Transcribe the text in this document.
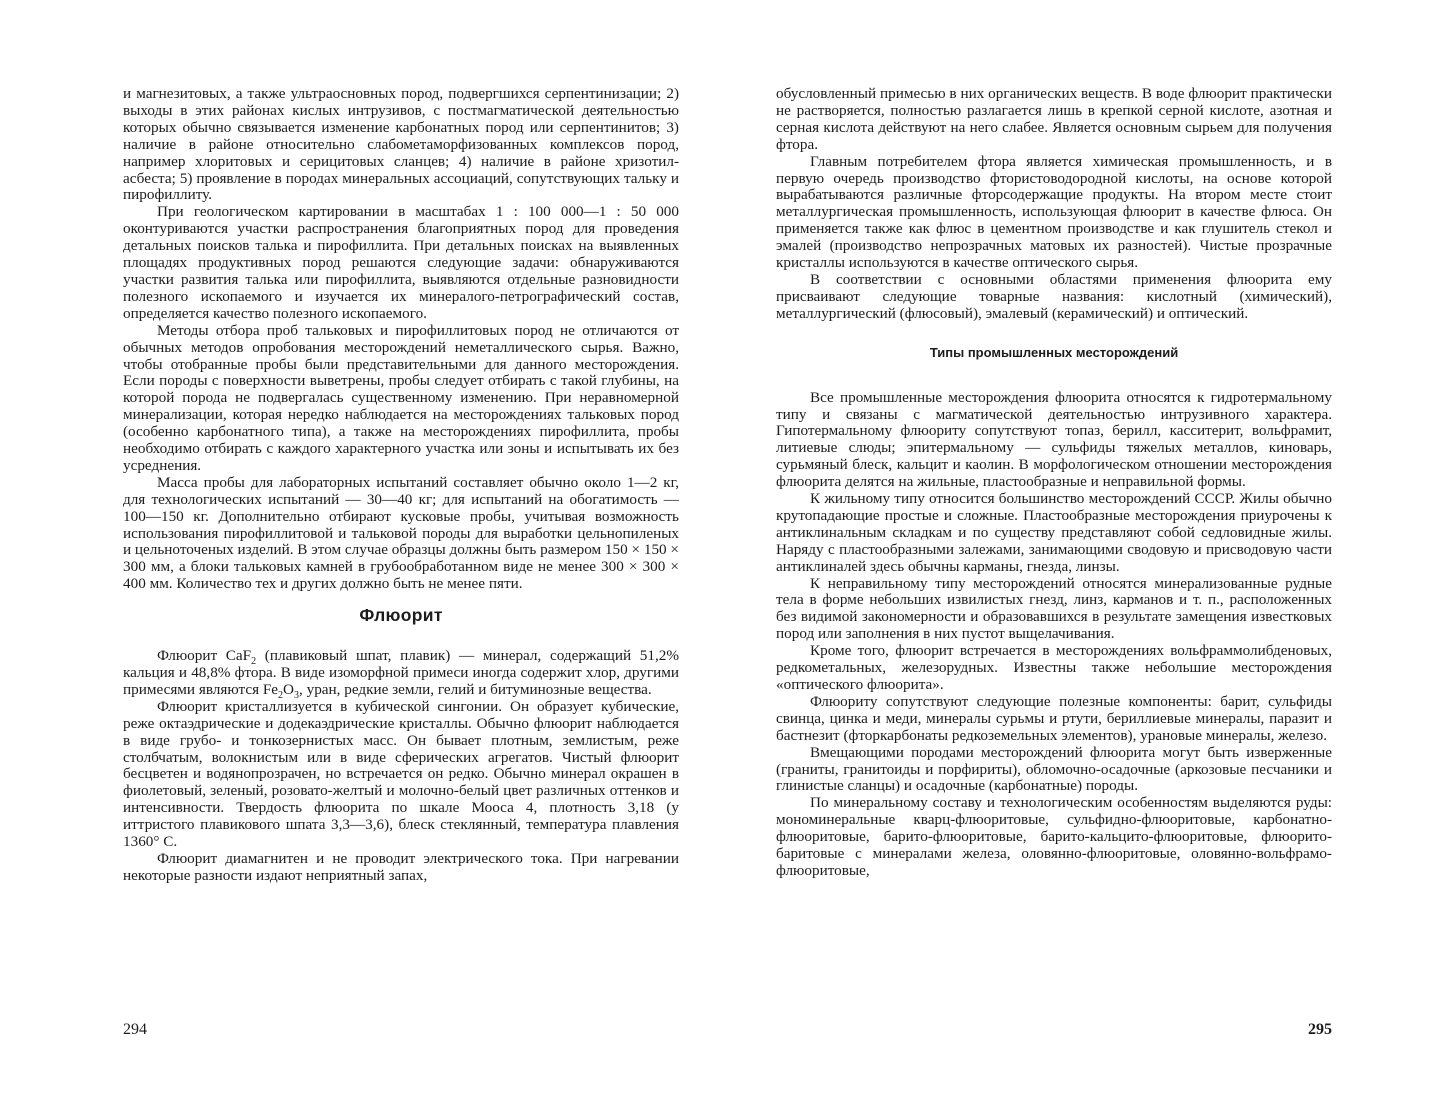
и магнезитовых, а также ультраосновных пород, подвергшихся серпентинизации; 2) выходы в этих районах кислых интрузивов, с постмагматической деятельностью которых обычно связывается изменение карбонатных пород или серпентинитов; 3) наличие в районе относительно слабометаморфизованных комплексов пород, например хлоритовых и серицитовых сланцев; 4) наличие в районе хризотил-асбеста; 5) проявление в породах минеральных ассоциаций, сопутствующих тальку и пирофиллиту.

При геологическом картировании в масштабах 1 : 100 000—1 : 50 000 оконтуриваются участки распространения благоприятных пород для проведения детальных поисков талька и пирофиллита. При детальных поисках на выявленных площадях продуктивных пород решаются следующие задачи: обнаруживаются участки развития талька или пирофиллита, выявляются отдельные разновидности полезного ископаемого и изучается их минералого-петрографический состав, определяется качество полезного ископаемого.

Методы отбора проб тальковых и пирофиллитовых пород не отличаются от обычных методов опробования месторождений неметаллического сырья. Важно, чтобы отобранные пробы были представительными для данного месторождения. Если породы с поверхности выветрены, пробы следует отбирать с такой глубины, на которой порода не подвергалась существенному изменению. При неравномерной минерализации, которая нередко наблюдается на месторождениях тальковых пород (особенно карбонатного типа), а также на месторождениях пирофиллита, пробы необходимо отбирать с каждого характерного участка или зоны и испытывать их без усреднения.

Масса пробы для лабораторных испытаний составляет обычно около 1—2 кг, для технологических испытаний — 30—40 кг; для испытаний на обогатимость — 100—150 кг. Дополнительно отбирают кусковые пробы, учитывая возможность использования пирофиллитовой и тальковой породы для выработки цельнопиленых и цельноточеных изделий. В этом случае образцы должны быть размером 150 × 150 × 300 мм, а блоки тальковых камней в грубообработанном виде не менее 300 × 300 × 400 мм. Количество тех и других должно быть не менее пяти.

Флюорит

Флюорит CaF$_2$ (плавиковый шпат, плавик) — минерал, содержащий 51,2% кальция и 48,8% фтора. В виде изоморфной примеси иногда содержит хлор, другими примесями являются $Fe_2O_3$, уран, редкие земли, гелий и битуминозные вещества.

Флюорит кристаллизуется в кубической сингонии. Он образует кубические, реже октаэдрические и додекаэдрические кристаллы. Обычно флюорит наблюдается в виде грубо- и тонкозернистых масс. Он бывает плотным, землистым, реже столбчатым, волокнистым или в виде сферических агрегатов. Чистый флюорит бесцветен и водянопрозрачен, но встречается он редко. Обычно минерал окрашен в фиолетовый, зеленый, розовато-желтый и молочно-белый цвет различных оттенков и интенсивности. Твердость флюорита по шкале Мооса 4, плотность 3,18 (у иттристого плавикового шпата 3,3—3,6), блеск стеклянный, температура плавления 1360° С.

Флюорит диамагнитен и не проводит электрического тока. При нагревании некоторые разности издают неприятный запах,

обусловленный примесью в них органических веществ. В воде флюорит практически не растворяется, полностью разлагается лишь в крепкой серной кислоте, азотная и серная кислота действуют на него слабее. Является основным сырьем для получения фтора.

Главным потребителем фтора является химическая промышленность, и в первую очередь производство фтористоводородной кислоты, на основе которой вырабатываются различные фторсодержащие продукты. На втором месте стоит металлургическая промышленность, использующая флюорит в качестве флюса. Он применяется также как флюс в цементном производстве и как глушитель стекол и эмалей (производство непрозрачных матовых их разностей). Чистые прозрачные кристаллы используются в качестве оптического сырья.

В соответствии с основными областями применения флюорита ему присваивают следующие товарные названия: кислотный (химический), металлургический (флюсовый), эмалевый (керамический) и оптический.

Типы промышленных месторождений

Все промышленные месторождения флюорита относятся к гидротермальному типу и связаны с магматической деятельностью интрузивного характера. Гипотермальному флюориту сопутствуют топаз, берилл, касситерит, вольфрамит, литиевые слюды; эпитермальному — сульфиды тяжелых металлов, киноварь, сурьмяный блеск, кальцит и каолин. В морфологическом отношении месторождения флюорита делятся на жильные, пластообразные и неправильной формы.

К жильному типу относится большинство месторождений СССР. Жилы обычно крутопадающие простые и сложные. Пластообразные месторождения приурочены к антиклинальным складкам и по существу представляют собой седловидные жилы. Наряду с пластообразными залежами, занимающими сводовую и присводовую части антиклиналей здесь обычны карманы, гнезда, линзы.

К неправильному типу месторождений относятся минерализованные рудные тела в форме небольших извилистых гнезд, линз, карманов и т. п., расположенных без видимой закономерности и образовавшихся в результате замещения известковых пород или заполнения в них пустот выщелачивания.

Кроме того, флюорит встречается в месторождениях вольфраммолибденовых, редкометальных, железорудных. Известны также небольшие месторождения «оптического флюорита».

Флюориту сопутствуют следующие полезные компоненты: барит, сульфиды свинца, цинка и меди, минералы сурьмы и ртути, бериллиевые минералы, паразит и бастнезит (фторкарбонаты редкоземельных элементов), урановые минералы, железо.

Вмещающими породами месторождений флюорита могут быть изверженные (граниты, гранитоиды и порфириты), обломочно-осадочные (аркозовые песчаники и глинистые сланцы) и осадочные (карбонатные) породы.

По минеральному составу и технологическим особенностям выделяются руды: мономинеральные кварц-флюоритовые, сульфидно-флюоритовые, карбонатно-флюоритовые, барито-флюоритовые, барито-кальцито-флюоритовые, флюорито-баритовые с минералами железа, оловянно-флюоритовые, оловянно-вольфрамо-флюоритовые,

294	295
